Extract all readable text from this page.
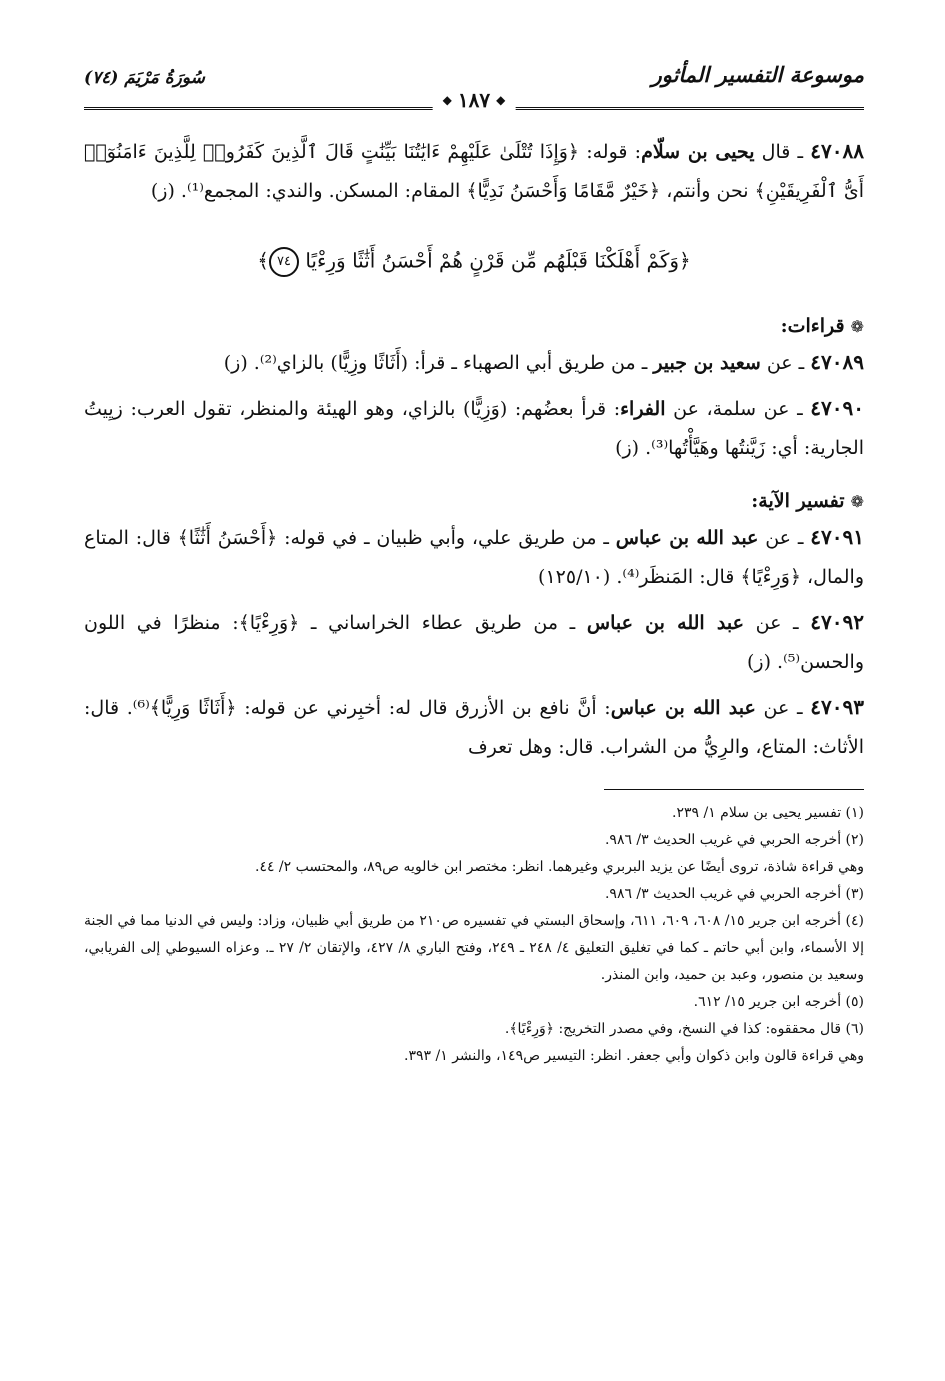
موسوعة التفسير المأثور
◆
١٨٧
◆
سُورَةُ مَرْيَمَ (٧٤)

٤٧٠٨٨ ـ قال يحيى بن سلّام: قوله: ﴿وَإِذَا تُتْلَىٰ عَلَيْهِمْ ءَايَٰتُنَا بَيِّنَٰتٍ قَالَ ٱلَّذِينَ كَفَرُوا۟ لِلَّذِينَ ءَامَنُوٓا۟ أَىُّ ٱلْفَرِيقَيْنِ﴾ نحن وأنتم، ﴿خَيْرٌ مَّقَامًا وَأَحْسَنُ نَدِيًّا﴾ المقام: المسكن. والندي: المجمع⁽¹⁾. (ز)

﴿وَكَمْ أَهْلَكْنَا قَبْلَهُم مِّن قَرْنٍ هُمْ أَحْسَنُ أَثَٰثًا وَرِءْيًا ٧٤﴾
❁
قراءات:

٤٧٠٨٩ ـ عن سعيد بن جبير ـ من طريق أبي الصهباء ـ قرأ: (أَثَاثًا وزِيًّا) بالزاي⁽²⁾. (ز)

٤٧٠٩٠ ـ عن سلمة، عن الفراء: قرأ بعضُهم: (وَزِيًّا) بالزاي، وهو الهيئة والمنظر، تقول العرب: زيِيتُ الجارية: أي: زَيَّنتُها وهَيَّأْتُها⁽³⁾. (ز)

❁
تفسير الآية:

٤٧٠٩١ ـ عن عبد الله بن عباس ـ من طريق علي، وأبي ظبيان ـ في قوله: ﴿أَحْسَنُ أَثَٰثًا﴾ قال: المتاع والمال، ﴿وَرِءْيًا﴾ قال: المَنظَر⁽⁴⁾. (١٢٥/١٠)

٤٧٠٩٢ ـ عن عبد الله بن عباس ـ من طريق عطاء الخراساني ـ ﴿وَرِءْيًا﴾: منظرًا في اللون والحسن⁽⁵⁾. (ز)

٤٧٠٩٣ ـ عن عبد الله بن عباس: أنَّ نافع بن الأزرق قال له: أخبِرني عن قوله: ﴿أَثَاثًا وَرِيًّا﴾⁽⁶⁾. قال: الأثاث: المتاع، والرِيُّ من الشراب. قال: وهل تعرف

(١) تفسير يحيى بن سلام ١/ ٢٣٩.

(٢) أخرجه الحربي في غريب الحديث ٣/ ٩٨٦.

وهي قراءة شاذة، تروى أيضًا عن يزيد البربري وغيرهما. انظر: مختصر ابن خالويه ص٨٩، والمحتسب ٢/ ٤٤.

(٣) أخرجه الحربي في غريب الحديث ٣/ ٩٨٦.

(٤) أخرجه ابن جرير ١٥/ ٦٠٨، ٦٠٩، ٦١١، وإسحاق البستي في تفسيره ص٢١٠ من طريق أبي ظبيان، وزاد: وليس في الدنيا مما في الجنة إلا الأسماء، وابن أبي حاتم ـ كما في تغليق التعليق ٤/ ٢٤٨ ـ ٢٤٩، وفتح الباري ٨/ ٤٢٧، والإتقان ٢/ ٢٧ ـ. وعزاه السيوطي إلى الفريابي، وسعيد بن منصور، وعبد بن حميد، وابن المنذر.

(٥) أخرجه ابن جرير ١٥/ ٦١٢.

(٦) قال محققوه: كذا في النسخ، وفي مصدر التخريج: ﴿وَرِءْيًا﴾.

وهي قراءة قالون وابن ذكوان وأبي جعفر. انظر: التيسير ص١٤٩، والنشر ١/ ٣٩٣.
